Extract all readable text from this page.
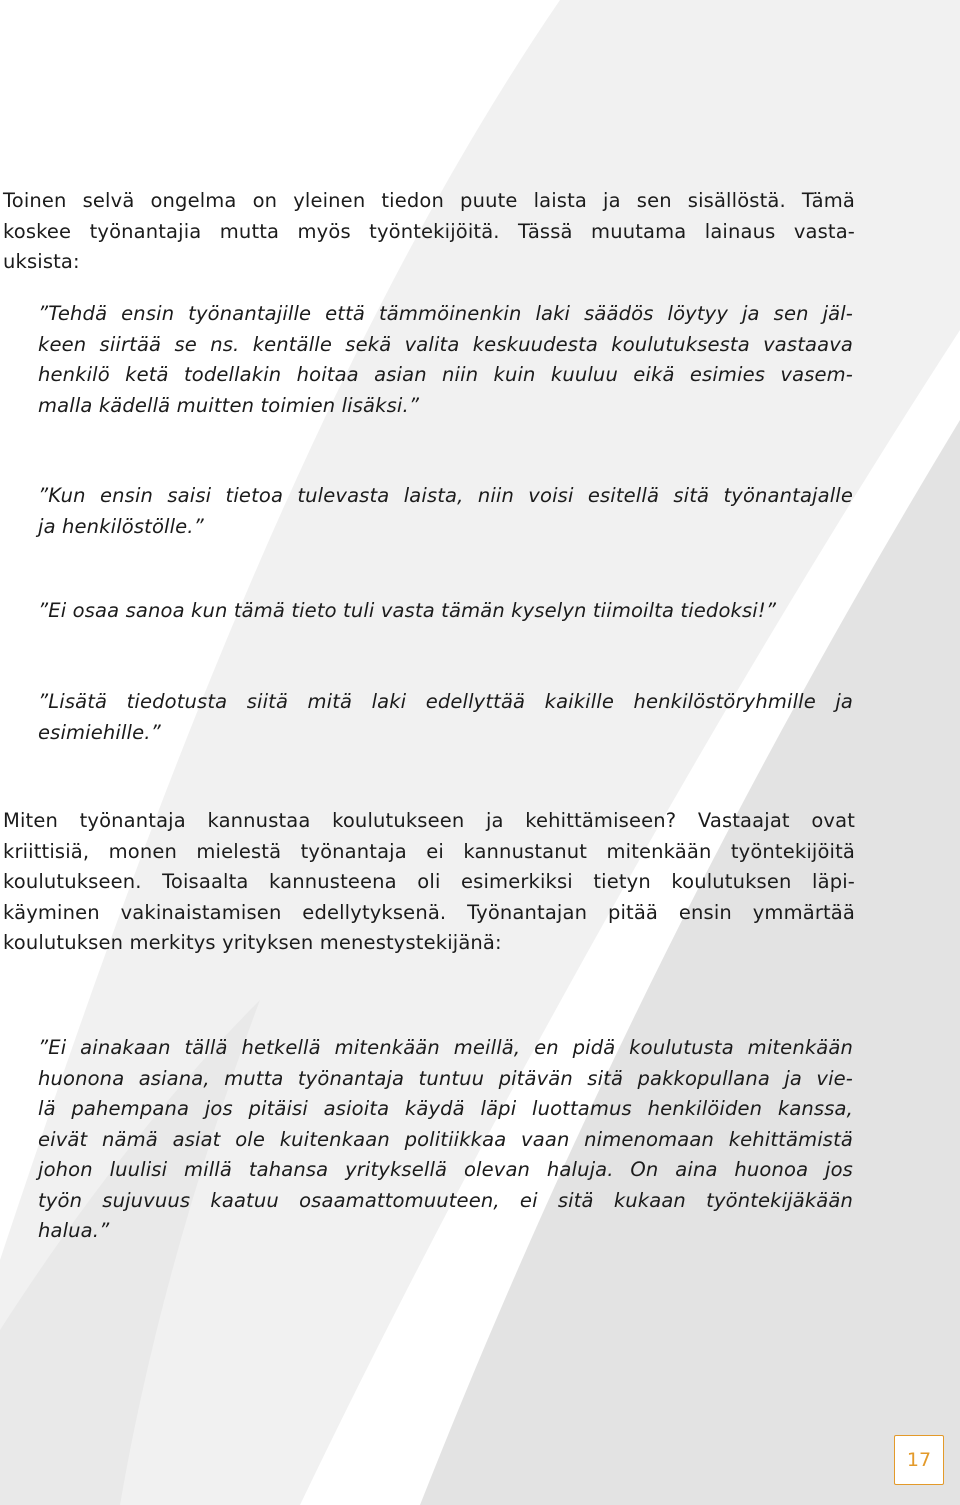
Toinen selvä ongelma on yleinen tiedon puute laista ja sen sisällöstä. Tämä
koskee työnantajia mutta myös työntekijöitä. Tässä muutama lainaus vasta-
uksista:
”Tehdä ensin työnantajille että tämmöinenkin laki säädös löytyy ja sen jäl-
keen siirtää se ns. kentälle sekä valita keskuudesta koulutuksesta vastaava
henkilö ketä todellakin hoitaa asian niin kuin kuuluu eikä esimies vasem-
malla kädellä muitten toimien lisäksi.”
”Kun ensin saisi tietoa tulevasta laista, niin voisi esitellä sitä työnantajalle
ja henkilöstölle.”
”Ei osaa sanoa kun tämä tieto tuli vasta tämän kyselyn tiimoilta tiedoksi!”
”Lisätä tiedotusta siitä mitä laki edellyttää kaikille henkilöstöryhmille ja
esimiehille.”
Miten työnantaja kannustaa koulutukseen ja kehittämiseen? Vastaajat ovat
kriittisiä, monen mielestä työnantaja ei kannustanut mitenkään työntekijöitä
koulutukseen. Toisaalta kannusteena oli esimerkiksi tietyn koulutuksen läpi-
käyminen vakinaistamisen edellytyksenä. Työnantajan pitää ensin ymmärtää
koulutuksen merkitys yrityksen menestystekijänä:
”Ei ainakaan tällä hetkellä mitenkään meillä, en pidä koulutusta mitenkään
huonona asiana, mutta työnantaja tuntuu pitävän sitä pakkopullana ja vie-
lä pahempana jos pitäisi asioita käydä läpi luottamus henkilöiden kanssa,
eivät nämä asiat ole kuitenkaan politiikkaa vaan nimenomaan kehittämistä
johon luulisi millä tahansa yrityksellä olevan haluja. On aina huonoa jos
työn sujuvuus kaatuu osaamattomuuteen, ei sitä kukaan työntekijäkään
halua.”
17
